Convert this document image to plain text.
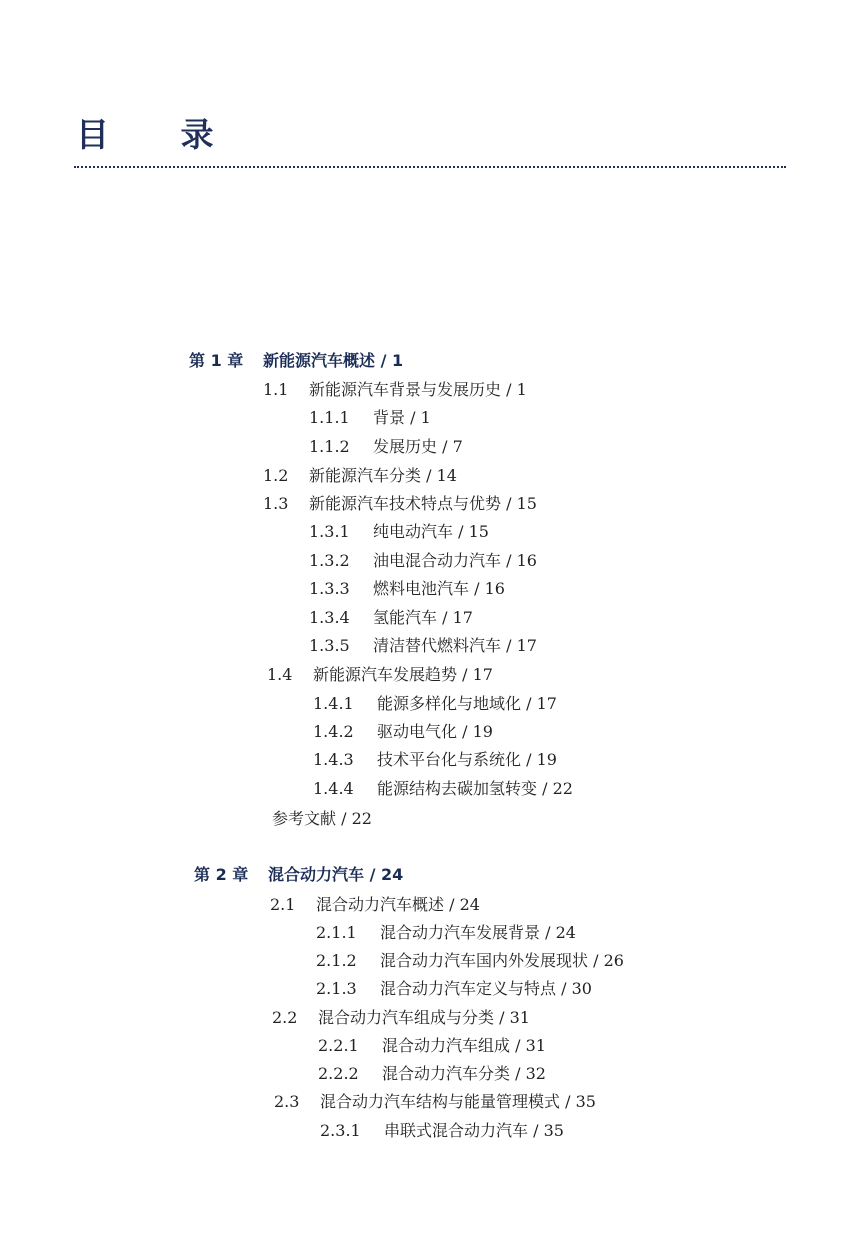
目 录
第 1 章 新能源汽车概述 / 1
1.1 新能源汽车背景与发展历史 / 1
1.1.1 背景 / 1
1.1.2 发展历史 / 7
1.2 新能源汽车分类 / 14
1.3 新能源汽车技术特点与优势 / 15
1.3.1 纯电动汽车 / 15
1.3.2 油电混合动力汽车 / 16
1.3.3 燃料电池汽车 / 16
1.3.4 氢能汽车 / 17
1.3.5 清洁替代燃料汽车 / 17
1.4 新能源汽车发展趋势 / 17
1.4.1 能源多样化与地域化 / 17
1.4.2 驱动电气化 / 19
1.4.3 技术平台化与系统化 / 19
1.4.4 能源结构去碳加氢转变 / 22
参考文献 / 22
第 2 章 混合动力汽车 / 24
2.1 混合动力汽车概述 / 24
2.1.1 混合动力汽车发展背景 / 24
2.1.2 混合动力汽车国内外发展现状 / 26
2.1.3 混合动力汽车定义与特点 / 30
2.2 混合动力汽车组成与分类 / 31
2.2.1 混合动力汽车组成 / 31
2.2.2 混合动力汽车分类 / 32
2.3 混合动力汽车结构与能量管理模式 / 35
2.3.1 串联式混合动力汽车 / 35
